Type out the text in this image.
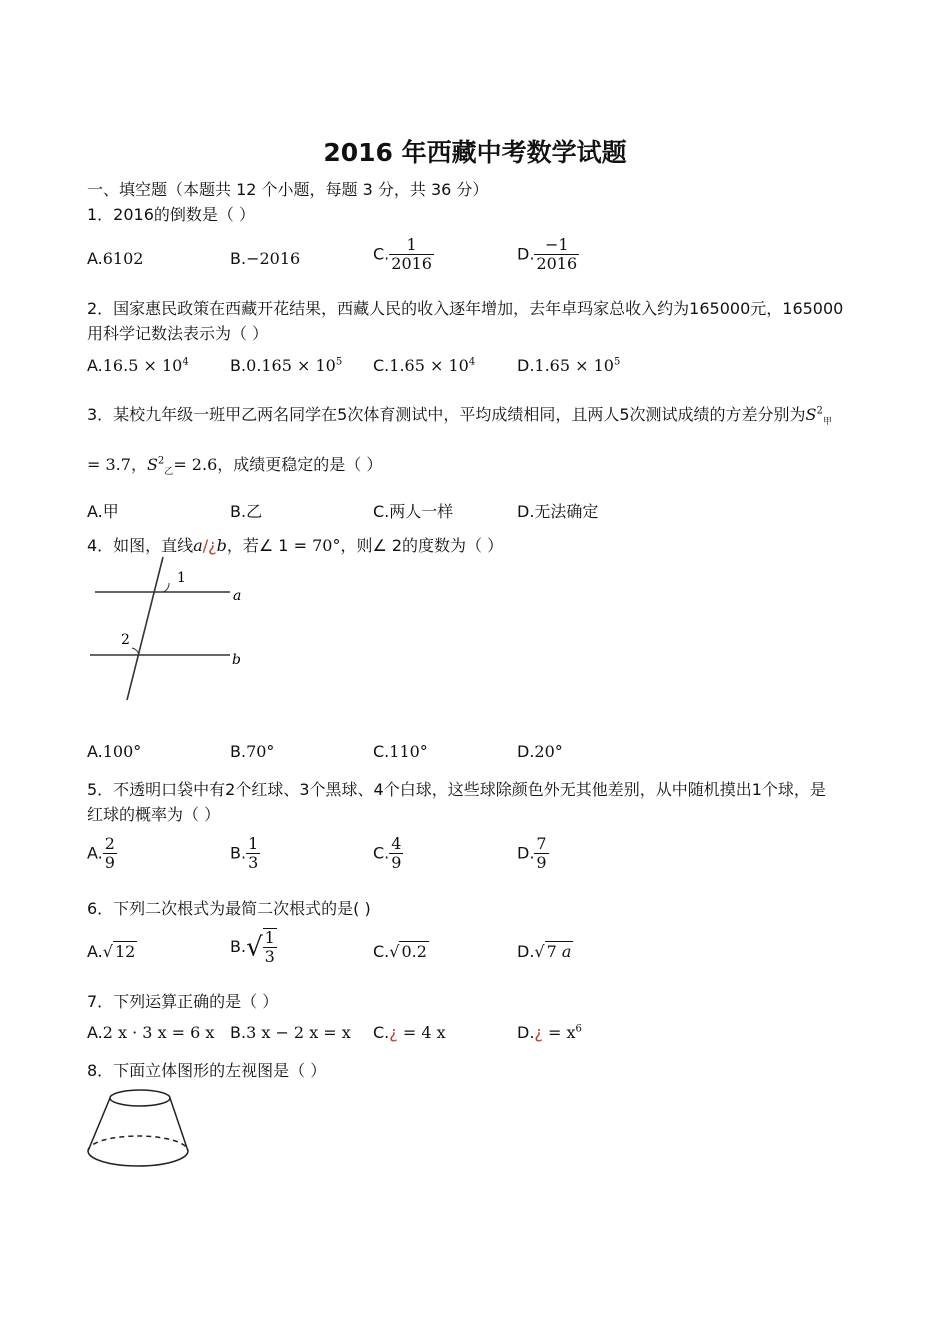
2016 年西藏中考数学试题
一、填空题（本题共 12 个小题，每题 3 分，共 36 分）
1．2016的倒数是（ ）
A.6102	B.−2016	C. $\frac{1}{2016}$	D. $\frac{-1}{2016}$
2．国家惠民政策在西藏开花结果，西藏人民的收入逐年增加，去年卓玛家总收入约为165000元，165000
用科学记数法表示为（ ）
$A.16.5 \times 10^4$	$B.0.165 \times 10^5$ $C.1.65 \times 10^4$	$D.1.65 \times 10^5$
3．某校九年级一班甲乙两名同学在5次体育测试中，平均成绩相同，且两人5次测试成绩的方差分别为$S^2_甲$
= 3.7，$S^2_乙= 2.6$，成绩更稳定的是（ ）
A.甲	B.乙	C.两人一样	D.无法确定
4．如图，直线a/¿b，若∠ 1 = 70°，则∠ 2的度数为（ ）
1
2
a
b
A.100°	B.70°	C.110°	D.20°
5．不透明口袋中有2个红球、3个黑球、4个白球，这些球除颜色外无其他差别，从中随机摸出1个球，是
红球的概率为（ ）
A. $\frac{2}{9}$	B. $\frac{1}{3}$	C. $\frac{4}{9}$	D. $\frac{7}{9}$
6．下列二次根式为最简二次根式的是( )
A.√ 12	$B.√ \frac{1}{3}$	C.√ 0.2	D.√ 7 a
7．下列运算正确的是（ ）
A.2 x · 3 x = 6 x B.3 x − 2 x = x C.¿ = 4 x	D.¿ = $x^6$
8．下面立体图形的左视图是（ ）
